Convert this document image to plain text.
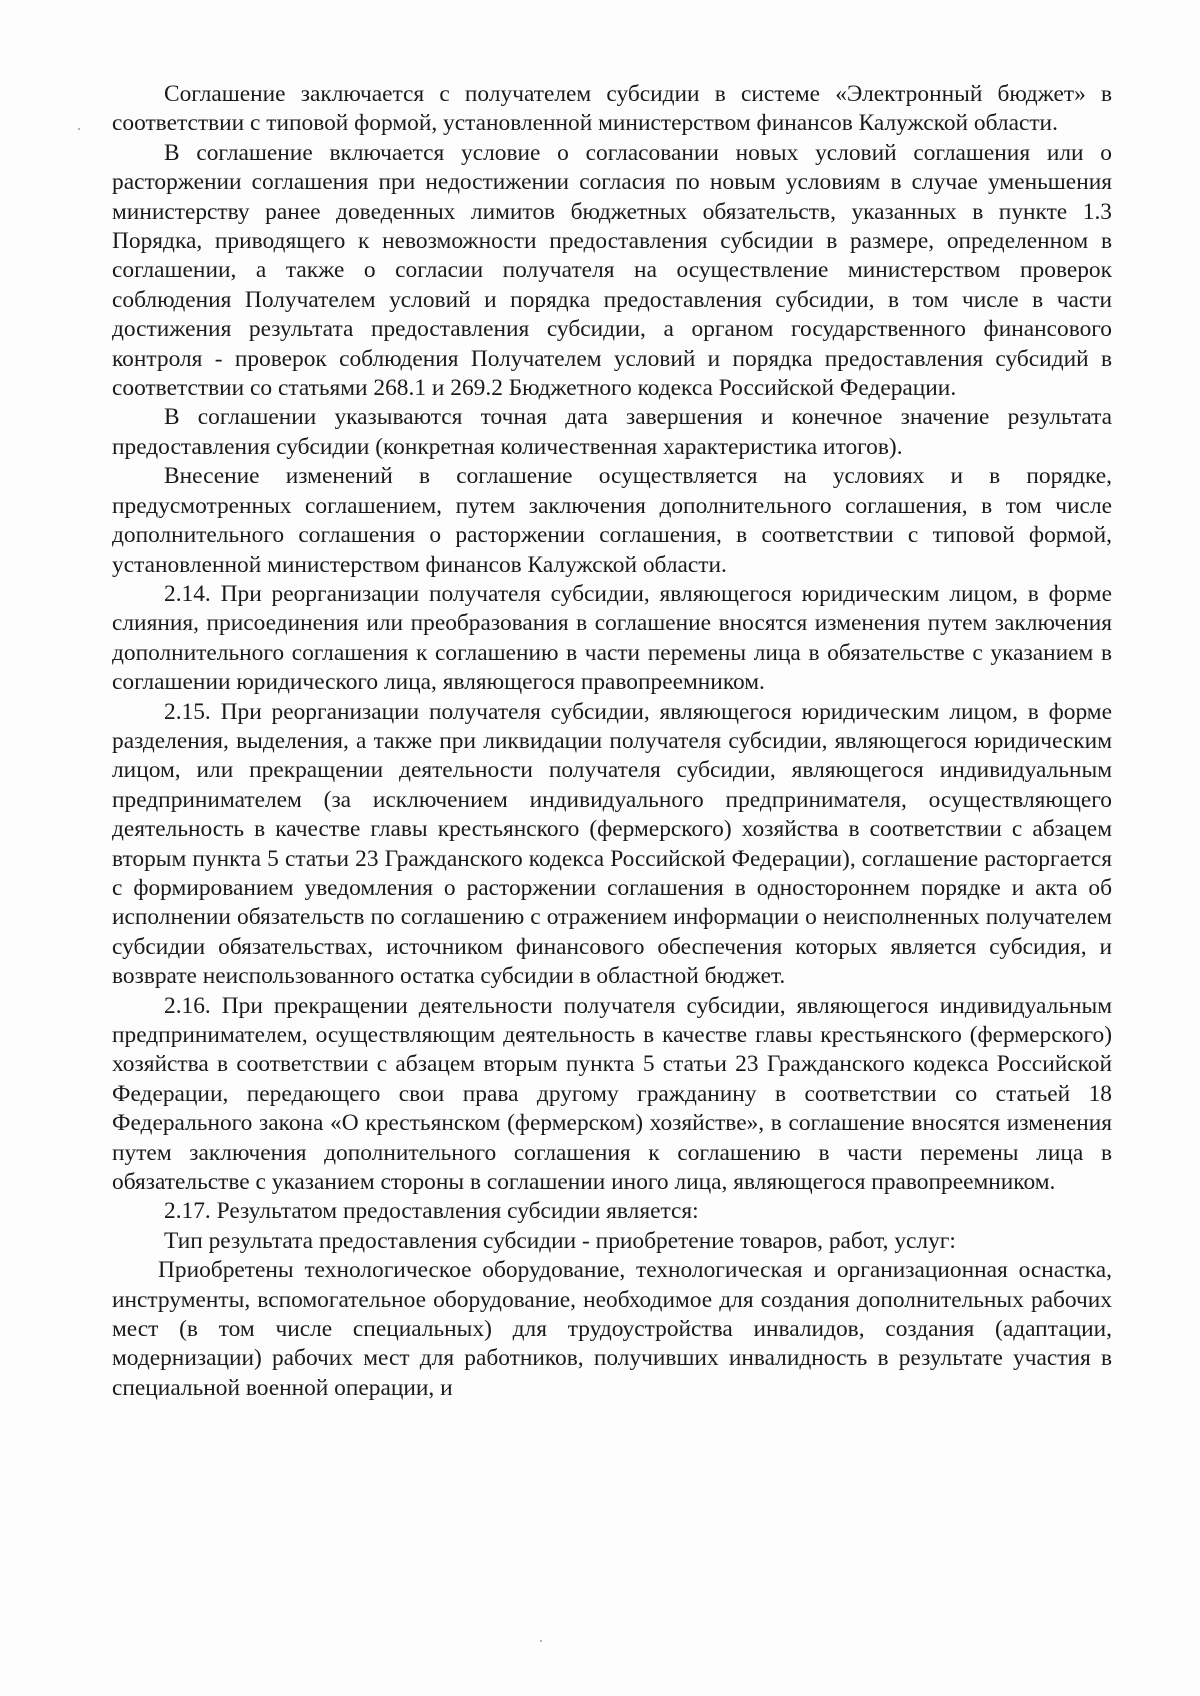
Соглашение заключается с получателем субсидии в системе «Электронный бюджет» в соответствии с типовой формой, установленной министерством финансов Калужской области.

В соглашение включается условие о согласовании новых условий соглашения или о расторжении соглашения при недостижении согласия по новым условиям в случае уменьшения министерству ранее доведенных лимитов бюджетных обязательств, указанных в пункте 1.3 Порядка, приводящего к невозможности предоставления субсидии в размере, определенном в соглашении, а также о согласии получателя на осуществление министерством проверок соблюдения Получателем условий и порядка предоставления субсидии, в том числе в части достижения результата предоставления субсидии, а органом государственного финансового контроля - проверок соблюдения Получателем условий и порядка предоставления субсидий в соответствии со статьями 268.1 и 269.2 Бюджетного кодекса Российской Федерации.

В соглашении указываются точная дата завершения и конечное значение результата предоставления субсидии (конкретная количественная характеристика итогов).

Внесение изменений в соглашение осуществляется на условиях и в порядке, предусмотренных соглашением, путем заключения дополнительного соглашения, в том числе дополнительного соглашения о расторжении соглашения, в соответствии с типовой формой, установленной министерством финансов Калужской области.

2.14. При реорганизации получателя субсидии, являющегося юридическим лицом, в форме слияния, присоединения или преобразования в соглашение вносятся изменения путем заключения дополнительного соглашения к соглашению в части перемены лица в обязательстве с указанием в соглашении юридического лица, являющегося правопреемником.

2.15. При реорганизации получателя субсидии, являющегося юридическим лицом, в форме разделения, выделения, а также при ликвидации получателя субсидии, являющегося юридическим лицом, или прекращении деятельности получателя субсидии, являющегося индивидуальным предпринимателем (за исключением индивидуального предпринимателя, осуществляющего деятельность в качестве главы крестьянского (фермерского) хозяйства в соответствии с абзацем вторым пункта 5 статьи 23 Гражданского кодекса Российской Федерации), соглашение расторгается с формированием уведомления о расторжении соглашения в одностороннем порядке и акта об исполнении обязательств по соглашению с отражением информации о неисполненных получателем субсидии обязательствах, источником финансового обеспечения которых является субсидия, и возврате неиспользованного остатка субсидии в областной бюджет.

2.16. При прекращении деятельности получателя субсидии, являющегося индивидуальным предпринимателем, осуществляющим деятельность в качестве главы крестьянского (фермерского) хозяйства в соответствии с абзацем вторым пункта 5 статьи 23 Гражданского кодекса Российской Федерации, передающего свои права другому гражданину в соответствии со статьей 18 Федерального закона «О крестьянском (фермерском) хозяйстве», в соглашение вносятся изменения путем заключения дополнительного соглашения к соглашению в части перемены лица в обязательстве с указанием стороны в соглашении иного лица, являющегося правопреемником.

2.17. Результатом предоставления субсидии является:

Тип результата предоставления субсидии - приобретение товаров, работ, услуг:

Приобретены технологическое оборудование, технологическая и организационная оснастка, инструменты, вспомогательное оборудование, необходимое для создания дополнительных рабочих мест (в том числе специальных) для трудоустройства инвалидов, создания (адаптации, модернизации) рабочих мест для работников, получивших инвалидность в результате участия в специальной военной операции, и
